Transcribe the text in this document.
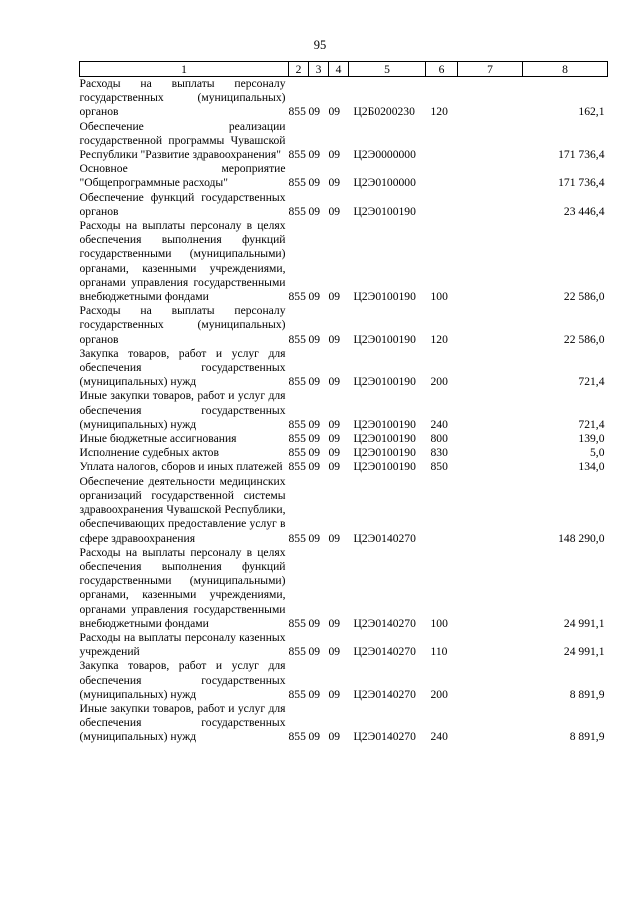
95
1	2	3	4	5	6	7	8
Расходы на выплаты персоналу государственных (муниципальных) органов	855	09	09	Ц2Б0200230	120		162,1
Обеспечение реализации государственной программы Чувашской Республики "Развитие здравоохранения"	855	09	09	Ц2Э0000000			171 736,4
Основное мероприятие "Общепрограммные расходы"	855	09	09	Ц2Э0100000			171 736,4
Обеспечение функций государственных органов	855	09	09	Ц2Э0100190			23 446,4
Расходы на выплаты персоналу в целях обеспечения выполнения функций государственными (муниципальными) органами, казенными учреждениями, органами управления государственными внебюджетными фондами	855	09	09	Ц2Э0100190	100		22 586,0
Расходы на выплаты персоналу государственных (муниципальных) органов	855	09	09	Ц2Э0100190	120		22 586,0
Закупка товаров, работ и услуг для обеспечения государственных (муниципальных) нужд	855	09	09	Ц2Э0100190	200		721,4
Иные закупки товаров, работ и услуг для обеспечения государственных (муниципальных) нужд	855	09	09	Ц2Э0100190	240		721,4
Иные бюджетные ассигнования	855	09	09	Ц2Э0100190	800		139,0
Исполнение судебных актов	855	09	09	Ц2Э0100190	830		5,0
Уплата налогов, сборов и иных платежей	855	09	09	Ц2Э0100190	850		134,0
Обеспечение деятельности медицинских организаций государственной системы здравоохранения Чувашской Республики, обеспечивающих предоставление услуг в сфере здравоохранения	855	09	09	Ц2Э0140270			148 290,0
Расходы на выплаты персоналу в целях обеспечения выполнения функций государственными (муниципальными) органами, казенными учреждениями, органами управления государственными внебюджетными фондами	855	09	09	Ц2Э0140270	100		24 991,1
Расходы на выплаты персоналу казенных учреждений	855	09	09	Ц2Э0140270	110		24 991,1
Закупка товаров, работ и услуг для обеспечения государственных (муниципальных) нужд	855	09	09	Ц2Э0140270	200		8 891,9
Иные закупки товаров, работ и услуг для обеспечения государственных (муниципальных) нужд	855	09	09	Ц2Э0140270	240		8 891,9
